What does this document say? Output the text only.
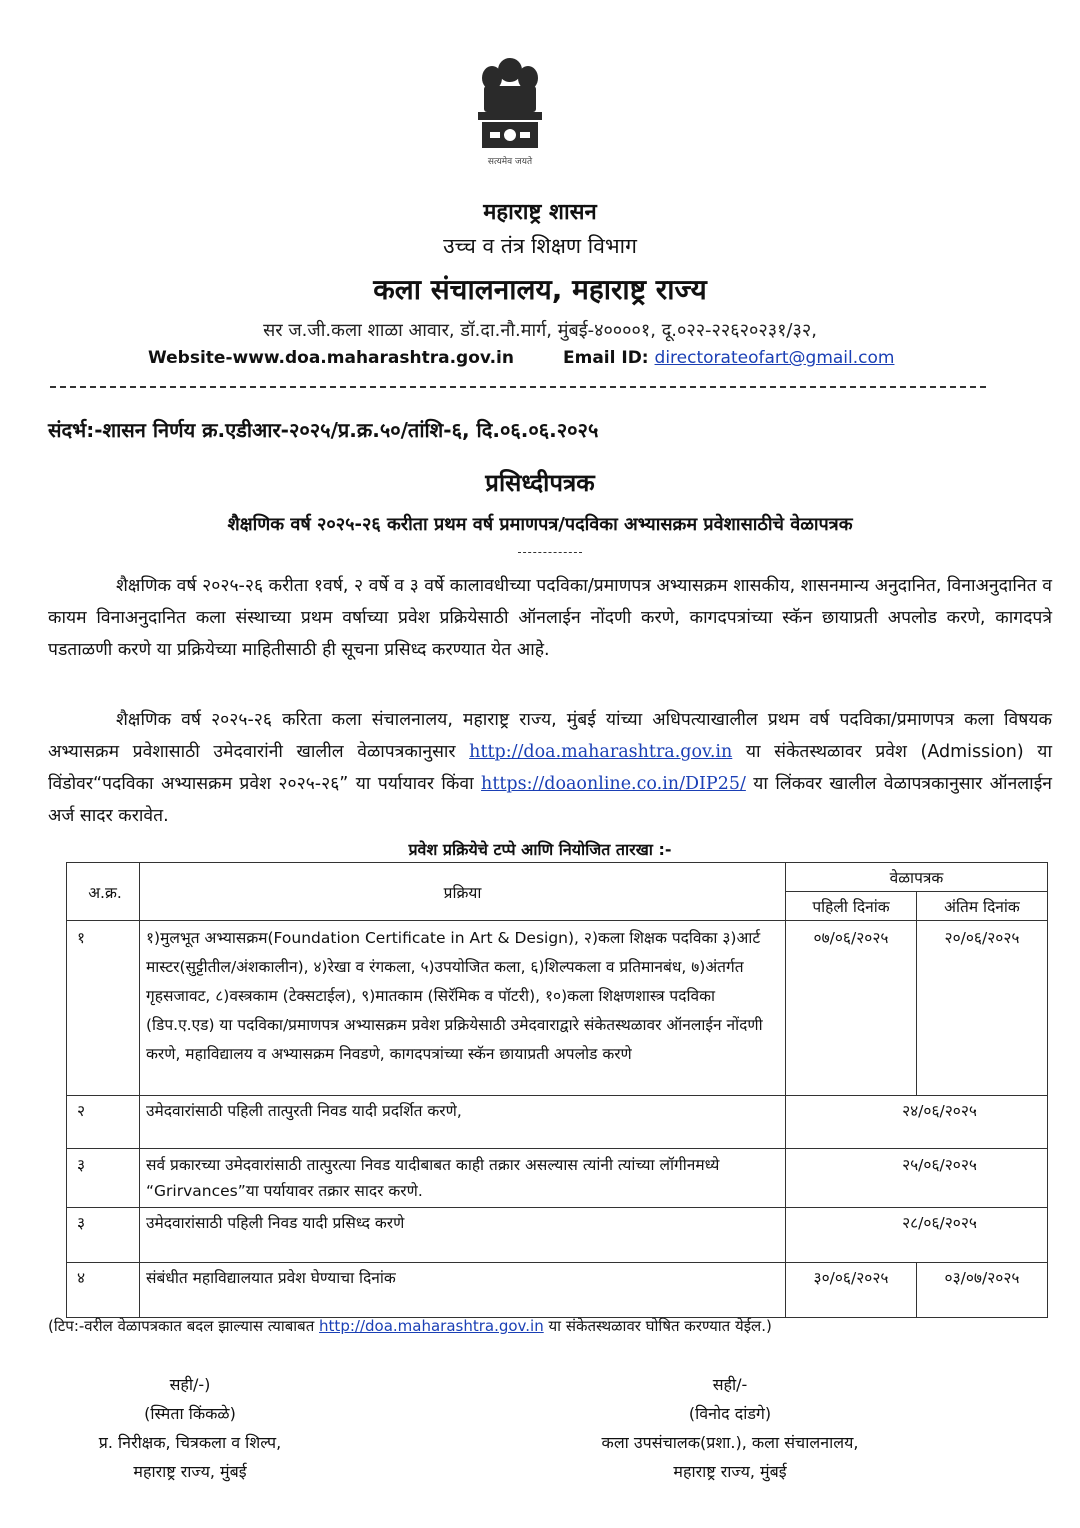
सत्यमेव जयते
महाराष्ट्र शासन
उच्च व तंत्र शिक्षण विभाग
कला संचालनालय, महाराष्ट्र राज्य
सर ज.जी.कला शाळा आवार, डॉ.दा.नौ.मार्ग, मुंबई-४००००१, दू.०२२-२२६२०२३१/३२,
Website-www.doa.maharashtra.gov.in	Email ID: directorateofart@gmail.com
संदर्भ:-शासन निर्णय क्र.एडीआर-२०२५/प्र.क्र.५०/तांशि-६, दि.०६.०६.२०२५
प्रसिध्दीपत्रक
शैक्षणिक वर्ष २०२५-२६ करीता प्रथम वर्ष प्रमाणपत्र/पदविका अभ्यासक्रम प्रवेशासाठीचे वेळापत्रक
शैक्षणिक वर्ष २०२५-२६ करीता १वर्ष, २ वर्षे व ३ वर्षे कालावधीच्या पदविका/प्रमाणपत्र अभ्यासक्रम शासकीय, शासनमान्य अनुदानित, विनाअनुदानित व कायम विनाअनुदानित कला संस्थाच्या प्रथम वर्षाच्या प्रवेश प्रक्रियेसाठी ऑनलाईन नोंदणी करणे, कागदपत्रांच्या स्कॅन छायाप्रती अपलोड करणे, कागदपत्रे पडताळणी करणे या प्रक्रियेच्या माहितीसाठी ही सूचना प्रसिध्द करण्यात येत आहे.
शैक्षणिक वर्ष २०२५-२६ करिता कला संचालनालय, महाराष्ट्र राज्य, मुंबई यांच्या अधिपत्याखालील प्रथम वर्ष पदविका/प्रमाणपत्र कला विषयक अभ्यासक्रम प्रवेशासाठी उमेदवारांनी खालील वेळापत्रकानुसार http://doa.maharashtra.gov.in या संकेतस्थळावर प्रवेश (Admission) या विंडोवर“पदविका अभ्यासक्रम प्रवेश २०२५-२६” या पर्यायावर किंवा https://doaonline.co.in/DIP25/ या लिंकवर खालील वेळापत्रकानुसार ऑनलाईन अर्ज सादर करावेत.
प्रवेश प्रक्रियेचे टप्पे आणि नियोजित तारखा :-
अ.क्र.	प्रक्रिया	वेळापत्रक	
		पहिली दिनांक	अंतिम दिनांक
१	१)मुलभूत अभ्यासक्रम(Foundation Certificate in Art & Design), २)कला शिक्षक पदविका ३)आर्ट मास्टर(सुट्टीतील/अंशकालीन), ४)रेखा व रंगकला, ५)उपयोजित कला, ६)शिल्पकला व प्रतिमानबंध, ७)अंतर्गत गृहसजावट, ८)वस्त्रकाम (टेक्सटाईल), ९)मातकाम (सिरॅमिक व पॉटरी), १०)कला शिक्षणशास्त्र पदविका (डिप.ए.एड) या पदविका/प्रमाणपत्र अभ्यासक्रम प्रवेश प्रक्रियेसाठी उमेदवाराद्वारे संकेतस्थळावर ऑनलाईन नोंदणी करणे, महाविद्यालय व अभ्यासक्रम निवडणे, कागदपत्रांच्या स्कॅन छायाप्रती अपलोड करणे	०७/०६/२०२५	२०/०६/२०२५
२	उमेदवारांसाठी पहिली तात्पुरती निवड यादी प्रदर्शित करणे,	२४/०६/२०२५	
३	सर्व प्रकारच्या उमेदवारांसाठी तात्पुरत्या निवड यादीबाबत काही तक्रार असल्यास त्यांनी त्यांच्या लॉगीनमध्ये “Grirvances”या पर्यायावर तक्रार सादर करणे.	२५/०६/२०२५	
३	उमेदवारांसाठी पहिली निवड यादी प्रसिध्द करणे	२८/०६/२०२५	
४	संबंधीत महाविद्यालयात प्रवेश घेण्याचा दिनांक	३०/०६/२०२५	०३/०७/२०२५
(टिप:-वरील वेळापत्रकात बदल झाल्यास त्याबाबत http://doa.maharashtra.gov.in या संकेतस्थळावर घोषित करण्यात येईल.)
सही/-)
(स्मिता किंकळे)
प्र. निरीक्षक, चित्रकला व शिल्प,
महाराष्ट्र राज्य, मुंबई
सही/-
(विनोद दांडगे)
कला उपसंचालक(प्रशा.), कला संचालनालय,
महाराष्ट्र राज्य, मुंबई
